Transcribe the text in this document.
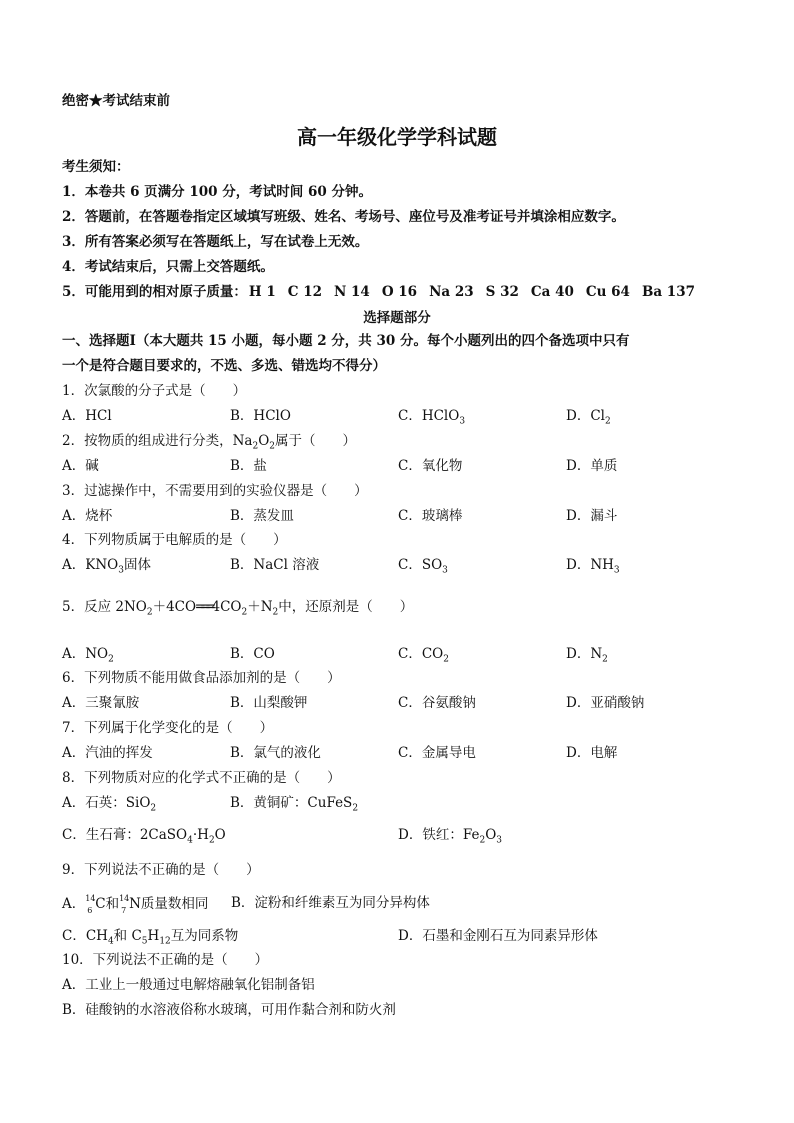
绝密★考试结束前
高一年级化学学科试题
考生须知：
1．本卷共 6 页满分 100 分，考试时间 60 分钟。
2．答题前，在答题卷指定区域填写班级、姓名、考场号、座位号及准考证号并填涂相应数字。
3．所有答案必须写在答题纸上，写在试卷上无效。
4．考试结束后，只需上交答题纸。
5．可能用到的相对原子质量： H 1 C 12 N 14 O 16 Na 23 S 32 Ca 40 Cu 64 Ba 137
选择题部分
一、选择题Ⅰ（本大题共 15 小题，每小题 2 分，共 30 分。每个小题列出的四个备选项中只有
一个是符合题目要求的，不选、多选、错选均不得分）
1．次氯酸的分子式是（　　）
A．HCl	B．HClO	C．HClO$_3$	D．$Cl_2$
2．按物质的组成进行分类，$Na_2O_2$属于（　　）
A．碱	B．盐	C．氧化物	D．单质
3．过滤操作中，不需要用到的实验仪器是（　　）
A．烧杯	B．蒸发皿	C．玻璃棒	D．漏斗
4．下列物质属于电解质的是（　　）
A．$KNO_3$固体	B．NaCl 溶液	C．$SO_3$	D．$NH_3$
5．反应 $2NO_2+4CO═══4CO_2+N_2$中，还原剂是（　　）
A．$NO_2$	B．CO	C．$CO_2$	D．$N_2$
6．下列物质不能用做食品添加剂的是（　　）
A．三聚氰胺	B．山梨酸钾	C．谷氨酸钠	D．亚硝酸钠
7．下列属于化学变化的是（　　）
A．汽油的挥发	B．氯气的液化	C．金属导电	D．电解
8．下列物质对应的化学式不正确的是（　　）
A．石英：SiO$_2$	B．黄铜矿：CuFeS$_2$
C．生石膏：$2CaSO_4\cdot H_2O$	D．铁红：$Fe_2O_3$
9．下列说法不正确的是（　　）
A． 14
6 C和 14
7 N质量数相同 B．淀粉和纤维素互为同分异构体
C．$CH_4$和 $C_5H_{12}$互为同系物	D．石墨和金刚石互为同素异形体
10．下列说法不正确的是（　　）
A．工业上一般通过电解熔融氧化铝制备铝
B．硅酸钠的水溶液俗称水玻璃，可用作黏合剂和防火剂
